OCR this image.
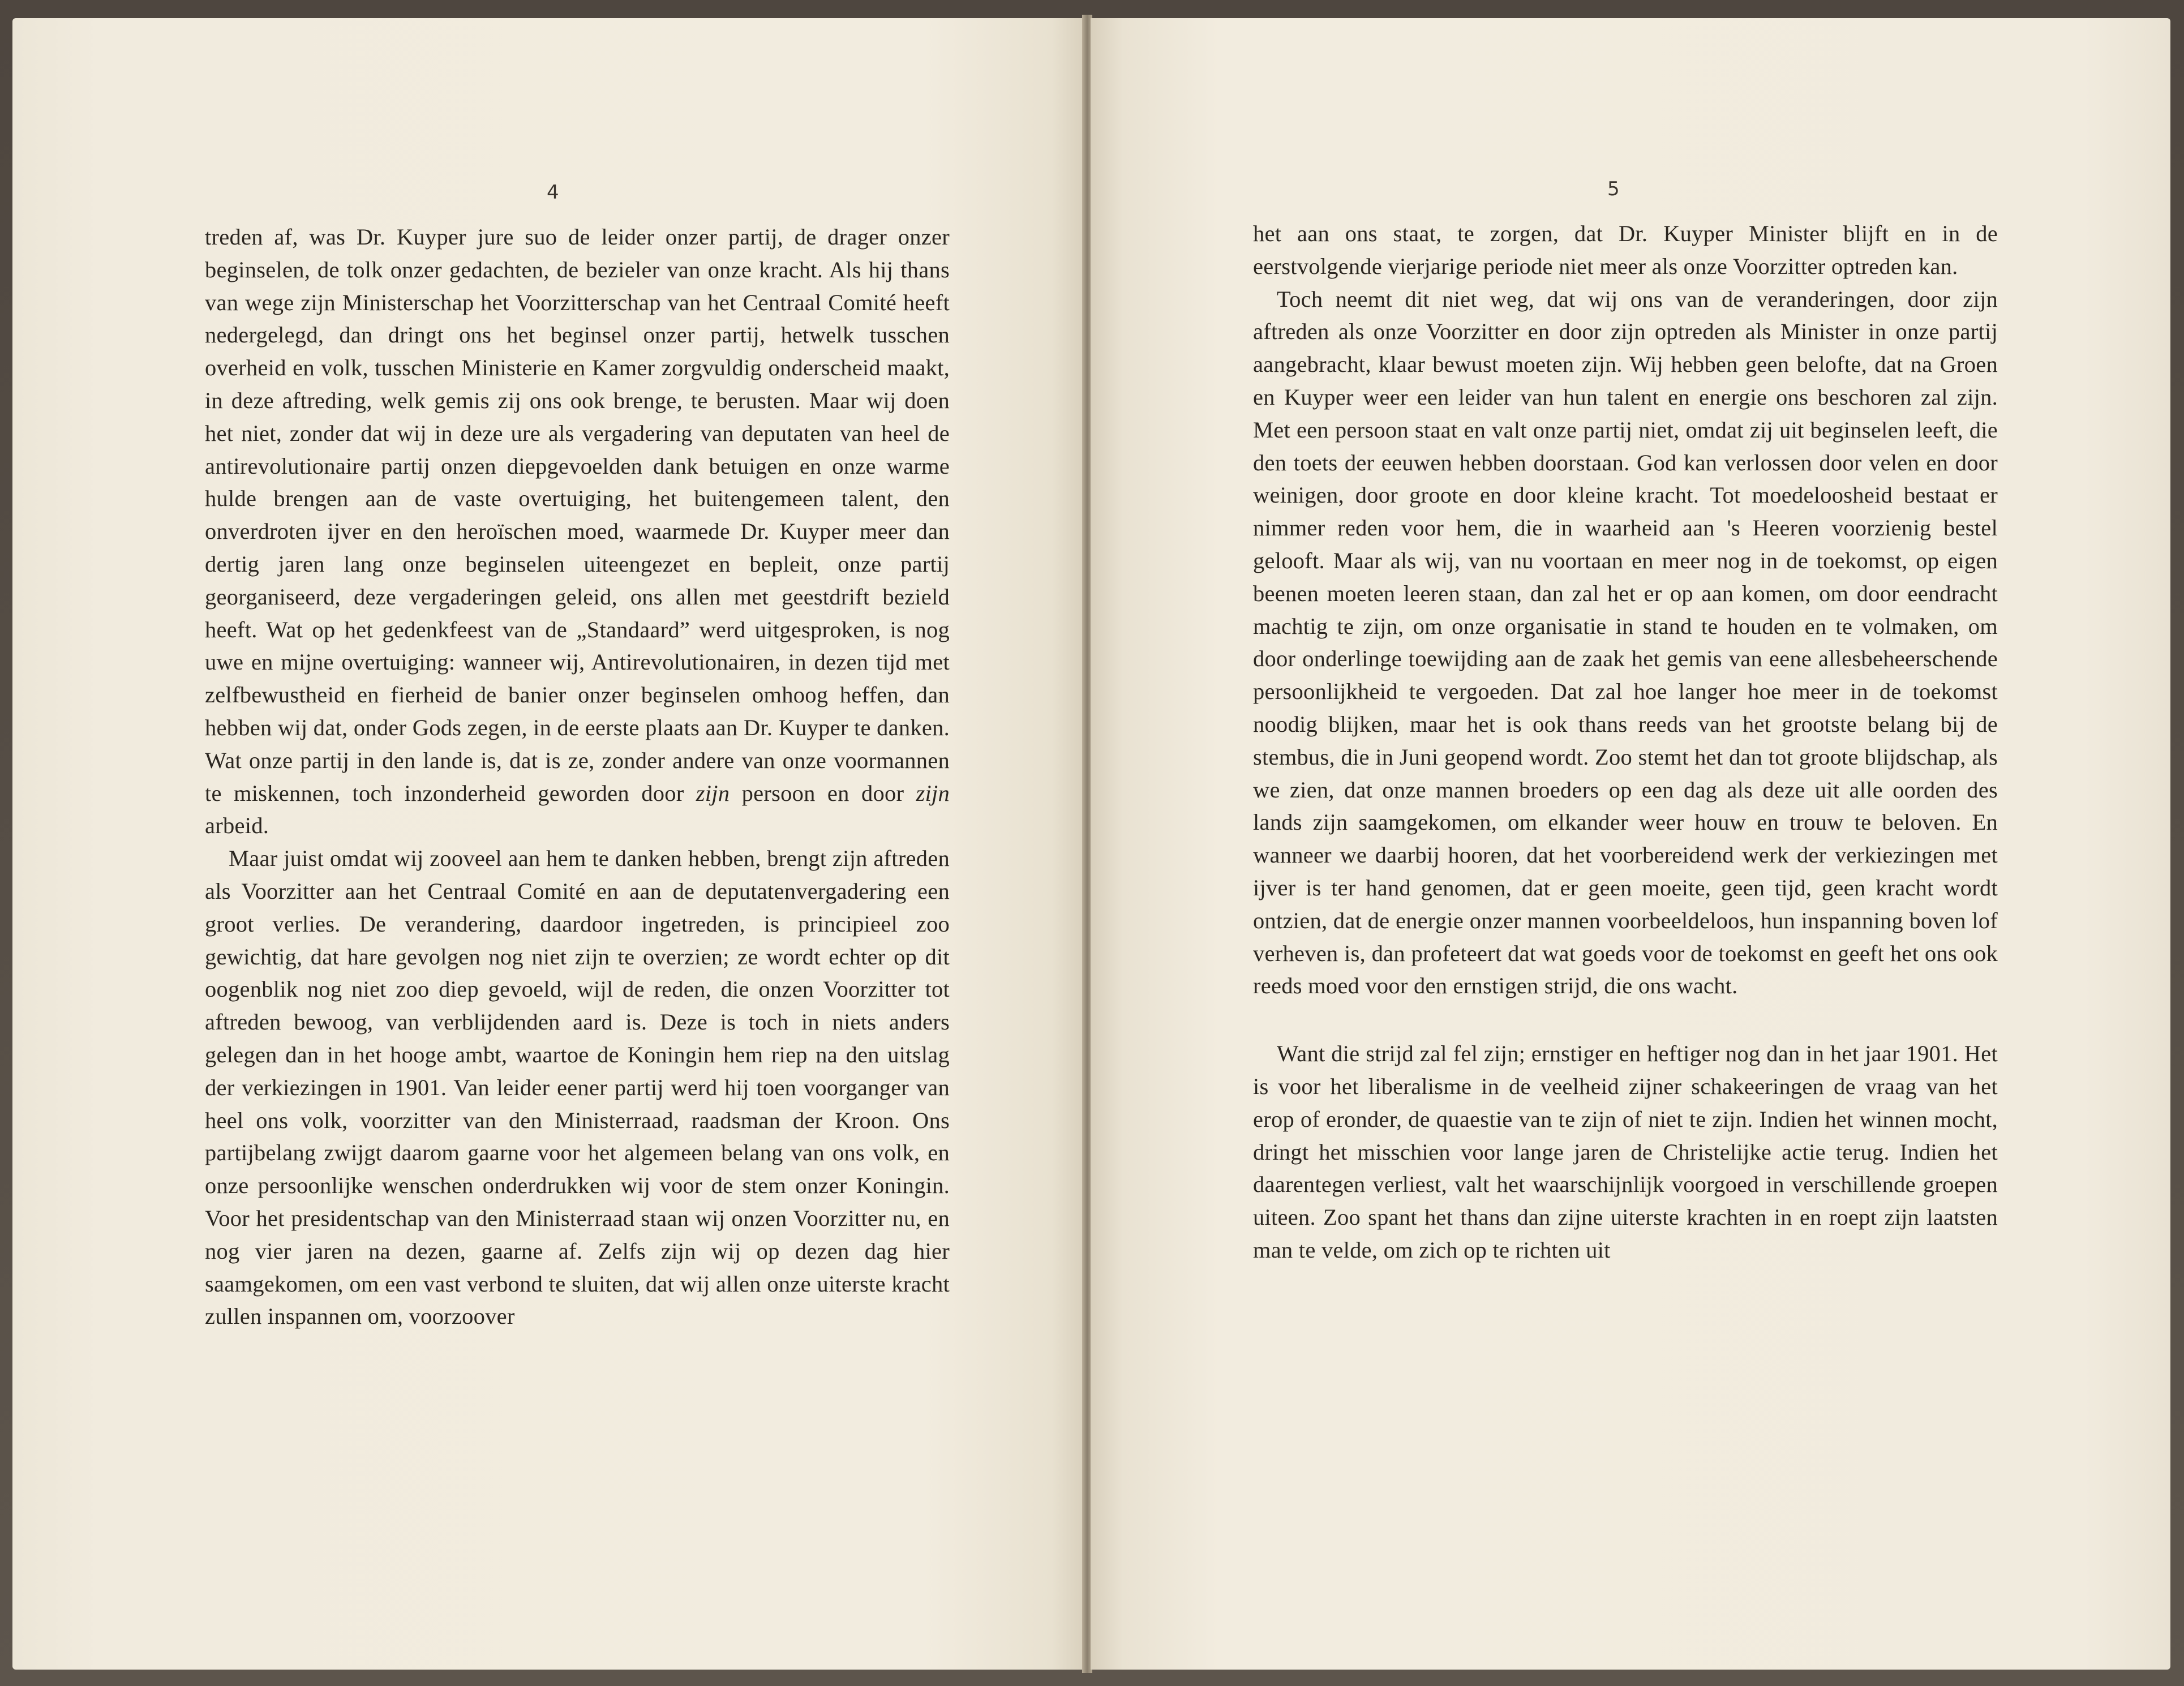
4

treden af, was Dr. Kuyper jure suo de leider onzer partij, de drager onzer beginselen, de tolk onzer gedachten, de bezieler van onze kracht. Als hij thans van wege zijn Ministerschap het Voorzitterschap van het Centraal Comité heeft nedergelegd, dan dringt ons het beginsel onzer partij, hetwelk tusschen overheid en volk, tusschen Ministerie en Kamer zorgvuldig onderscheid maakt, in deze aftreding, welk gemis zij ons ook brenge, te berusten. Maar wij doen het niet, zonder dat wij in deze ure als vergadering van deputaten van heel de antirevolutionaire partij onzen diepgevoelden dank betuigen en onze warme hulde brengen aan de vaste overtuiging, het buitengemeen talent, den onverdroten ijver en den heroïschen moed, waarmede Dr. Kuyper meer dan dertig jaren lang onze beginselen uiteengezet en bepleit, onze partij georganiseerd, deze vergaderingen geleid, ons allen met geestdrift bezield heeft. Wat op het gedenkfeest van de „Standaard” werd uitgesproken, is nog uwe en mijne overtuiging: wanneer wij, Antirevolutionairen, in dezen tijd met zelfbewustheid en fierheid de banier onzer beginselen omhoog heffen, dan hebben wij dat, onder Gods zegen, in de eerste plaats aan Dr. Kuyper te danken. Wat onze partij in den lande is, dat is ze, zonder andere van onze voormannen te miskennen, toch inzonderheid geworden door zijn persoon en door zijn arbeid.

Maar juist omdat wij zooveel aan hem te danken hebben, brengt zijn aftreden als Voorzitter aan het Centraal Comité en aan de deputatenvergadering een groot verlies. De verandering, daardoor ingetreden, is principieel zoo gewichtig, dat hare gevolgen nog niet zijn te overzien; ze wordt echter op dit oogenblik nog niet zoo diep gevoeld, wijl de reden, die onzen Voorzitter tot aftreden bewoog, van verblijdenden aard is. Deze is toch in niets anders gelegen dan in het hooge ambt, waartoe de Koningin hem riep na den uitslag der verkiezingen in 1901. Van leider eener partij werd hij toen voorganger van heel ons volk, voorzitter van den Ministerraad, raadsman der Kroon. Ons partijbelang zwijgt daarom gaarne voor het algemeen belang van ons volk, en onze persoonlijke wenschen onderdrukken wij voor de stem onzer Koningin. Voor het presidentschap van den Ministerraad staan wij onzen Voorzitter nu, en nog vier jaren na dezen, gaarne af. Zelfs zijn wij op dezen dag hier saamgekomen, om een vast verbond te sluiten, dat wij allen onze uiterste kracht zullen inspannen om, voorzoover

5

het aan ons staat, te zorgen, dat Dr. Kuyper Minister blijft en in de eerstvolgende vierjarige periode niet meer als onze Voorzitter optreden kan.

Toch neemt dit niet weg, dat wij ons van de veranderingen, door zijn aftreden als onze Voorzitter en door zijn optreden als Minister in onze partij aangebracht, klaar bewust moeten zijn. Wij hebben geen belofte, dat na Groen en Kuyper weer een leider van hun talent en energie ons beschoren zal zijn. Met een persoon staat en valt onze partij niet, omdat zij uit beginselen leeft, die den toets der eeuwen hebben doorstaan. God kan verlossen door velen en door weinigen, door groote en door kleine kracht. Tot moedeloosheid bestaat er nimmer reden voor hem, die in waarheid aan 's Heeren voorzienig bestel gelooft. Maar als wij, van nu voortaan en meer nog in de toekomst, op eigen beenen moeten leeren staan, dan zal het er op aan komen, om door eendracht machtig te zijn, om onze organisatie in stand te houden en te volmaken, om door onderlinge toewijding aan de zaak het gemis van eene allesbeheerschende persoonlijkheid te vergoeden. Dat zal hoe langer hoe meer in de toekomst noodig blijken, maar het is ook thans reeds van het grootste belang bij de stembus, die in Juni geopend wordt. Zoo stemt het dan tot groote blijdschap, als we zien, dat onze mannen broeders op een dag als deze uit alle oorden des lands zijn saamgekomen, om elkander weer houw en trouw te beloven. En wanneer we daarbij hooren, dat het voorbereidend werk der verkiezingen met ijver is ter hand genomen, dat er geen moeite, geen tijd, geen kracht wordt ontzien, dat de energie onzer mannen voorbeeldeloos, hun inspanning boven lof verheven is, dan profeteert dat wat goeds voor de toekomst en geeft het ons ook reeds moed voor den ernstigen strijd, die ons wacht.

Want die strijd zal fel zijn; ernstiger en heftiger nog dan in het jaar 1901. Het is voor het liberalisme in de veelheid zijner schakeeringen de vraag van het erop of eronder, de quaestie van te zijn of niet te zijn. Indien het winnen mocht, dringt het misschien voor lange jaren de Christelijke actie terug. Indien het daarentegen verliest, valt het waarschijnlijk voorgoed in verschillende groepen uiteen. Zoo spant het thans dan zijne uiterste krachten in en roept zijn laatsten man te velde, om zich op te richten uit
